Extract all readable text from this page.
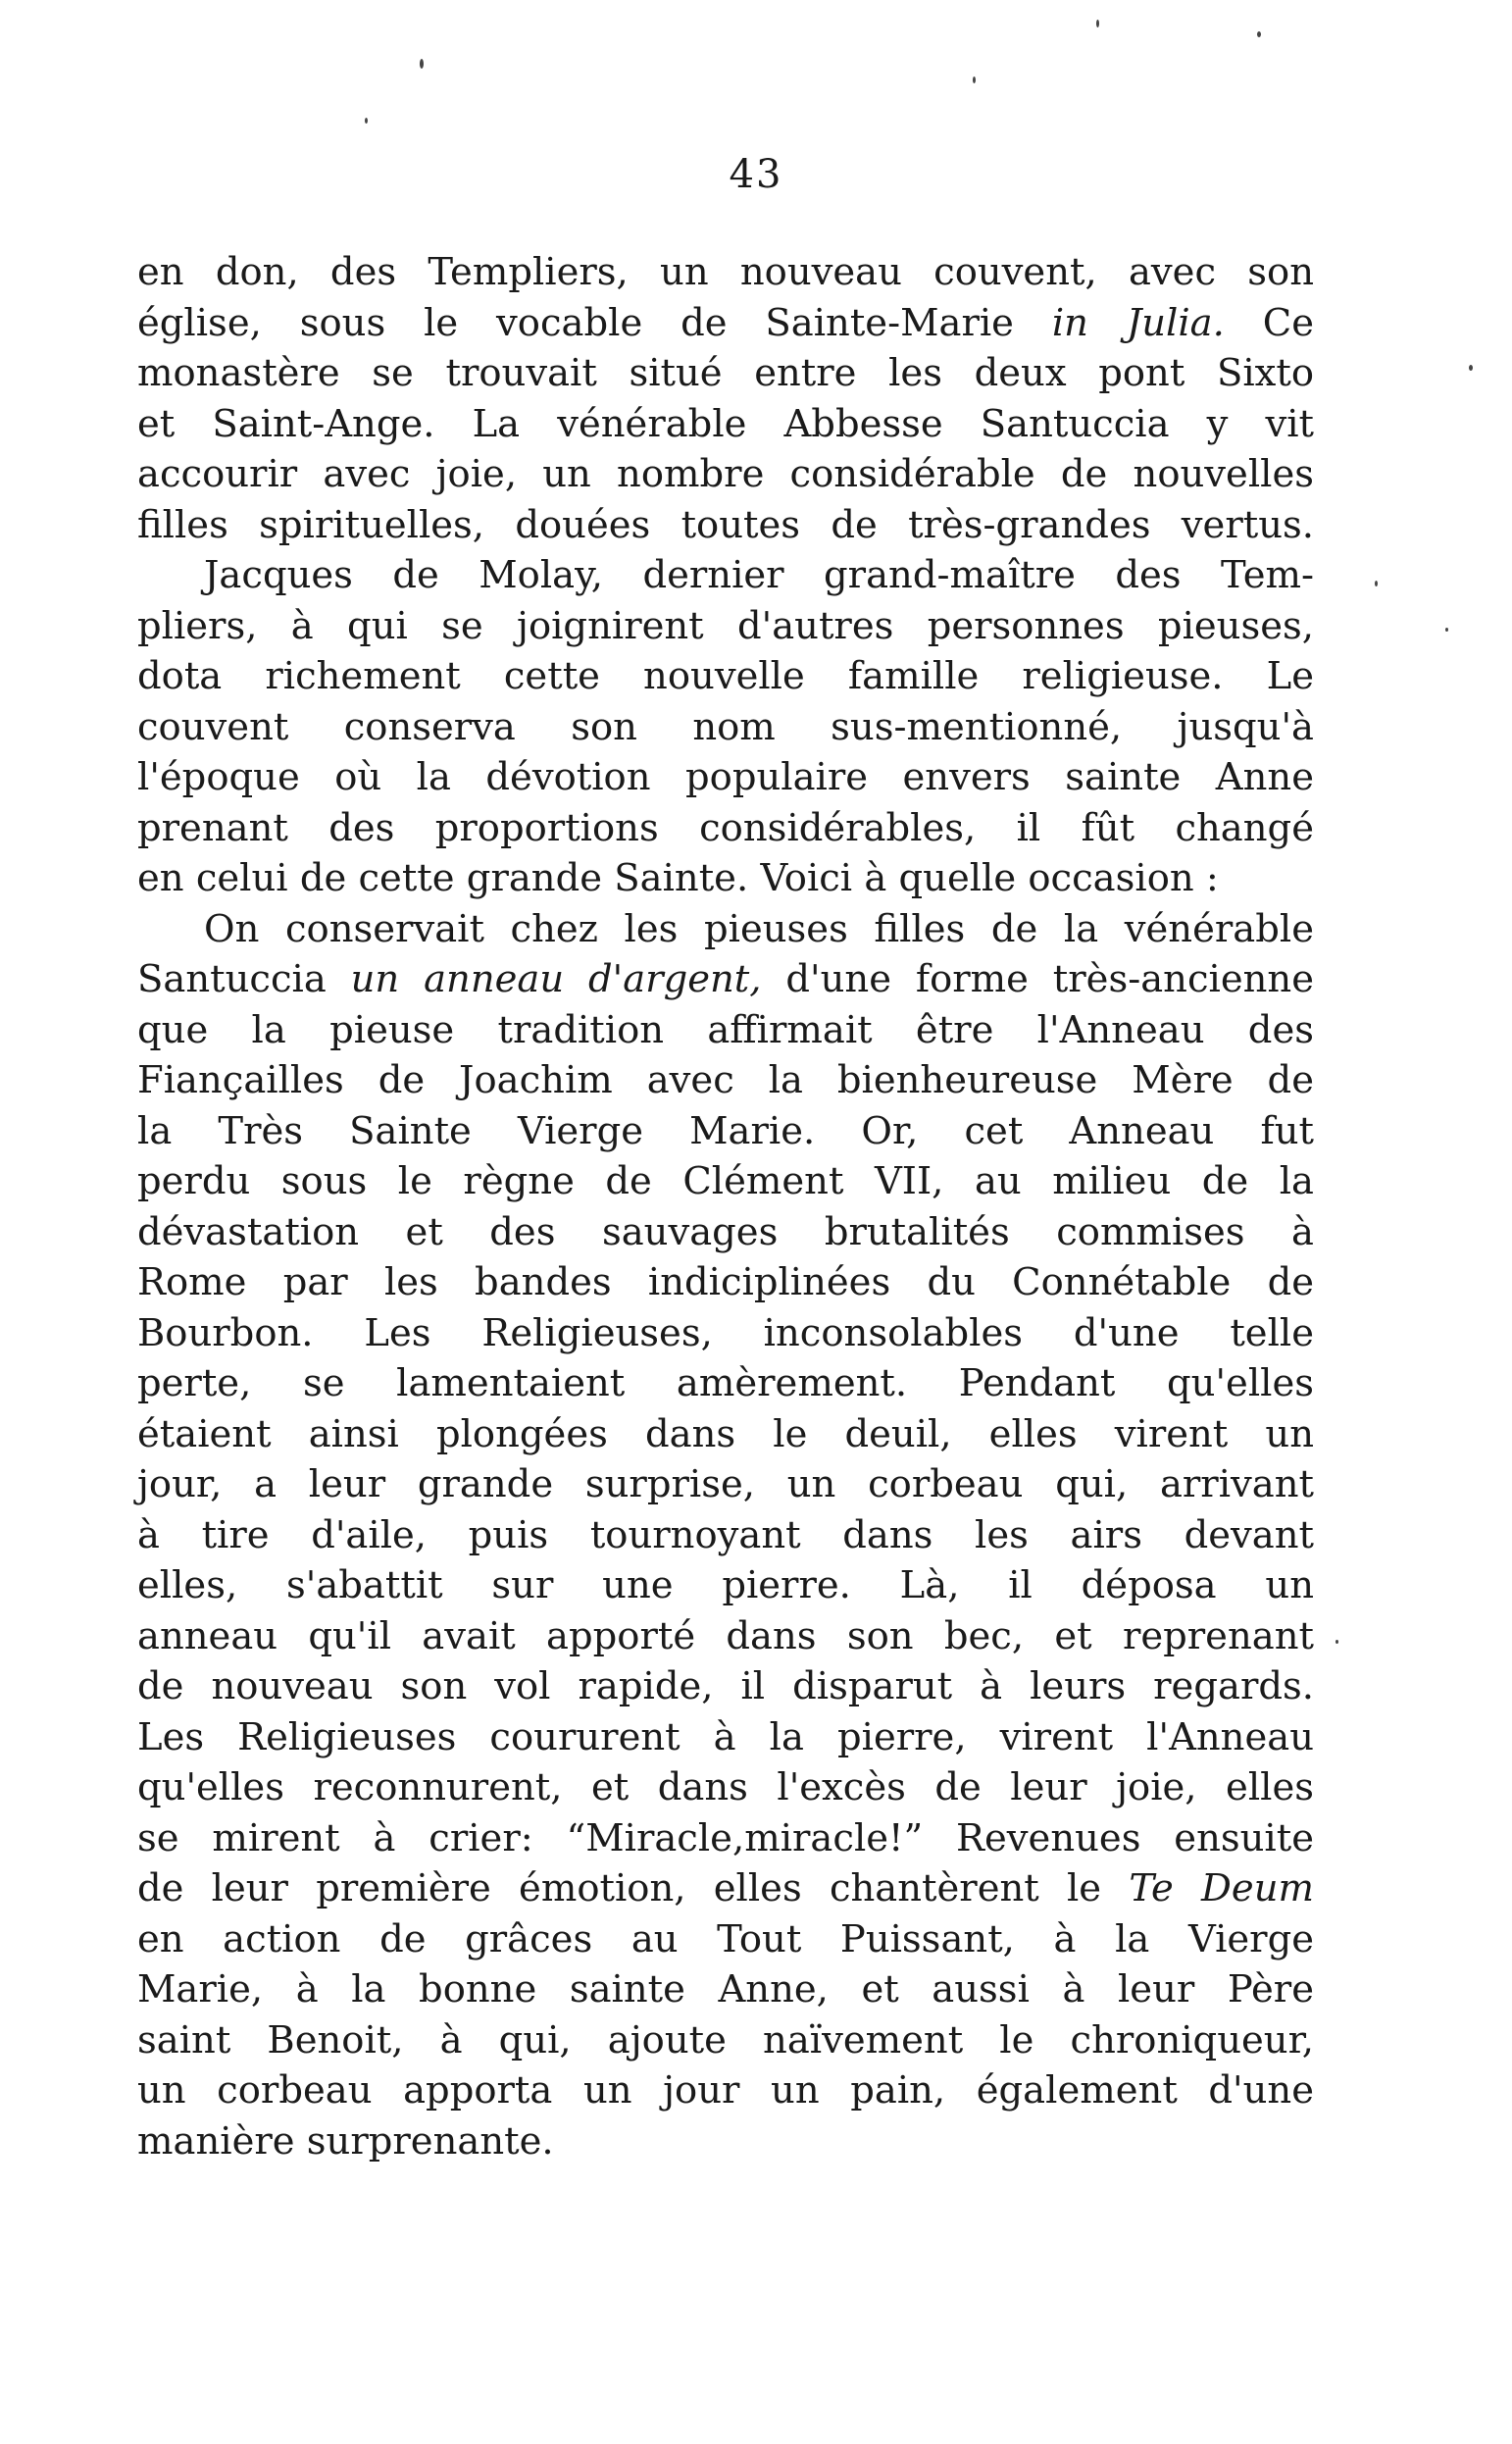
43
en don, des Templiers, un nouveau couvent, avec son
église, sous le vocable de Sainte-Marie in Julia. Ce
monastère se trouvait situé entre les deux pont Sixto
et Saint-Ange. La vénérable Abbesse Santuccia y vit
accourir avec joie, un nombre considérable de nouvelles
filles spirituelles, douées toutes de très-grandes vertus.
Jacques de Molay, dernier grand-maître des Tem-
pliers, à qui se joignirent d'autres personnes pieuses,
dota richement cette nouvelle famille religieuse. Le
couvent conserva son nom sus-mentionné, jusqu'à
l'époque où la dévotion populaire envers sainte Anne
prenant des proportions considérables, il fût changé
en celui de cette grande Sainte. Voici à quelle occasion :
On conservait chez les pieuses filles de la vénérable
Santuccia un anneau d'argent, d'une forme très-ancienne
que la pieuse tradition affirmait être l'Anneau des
Fiançailles de Joachim avec la bienheureuse Mère de
la Très Sainte Vierge Marie. Or, cet Anneau fut
perdu sous le règne de Clément VII, au milieu de la
dévastation et des sauvages brutalités commises à
Rome par les bandes indiciplinées du Connétable de
Bourbon. Les Religieuses, inconsolables d'une telle
perte, se lamentaient amèrement. Pendant qu'elles
étaient ainsi plongées dans le deuil, elles virent un
jour, a leur grande surprise, un corbeau qui, arrivant
à tire d'aile, puis tournoyant dans les airs devant
elles, s'abattit sur une pierre. Là, il déposa un
anneau qu'il avait apporté dans son bec, et reprenant
de nouveau son vol rapide, il disparut à leurs regards.
Les Religieuses coururent à la pierre, virent l'Anneau
qu'elles reconnurent, et dans l'excès de leur joie, elles
se mirent à crier: “Miracle,miracle!” Revenues ensuite
de leur première émotion, elles chantèrent le Te Deum
en action de grâces au Tout Puissant, à la Vierge
Marie, à la bonne sainte Anne, et aussi à leur Père
saint Benoit, à qui, ajoute naïvement le chroniqueur,
un corbeau apporta un jour un pain, également d'une
manière surprenante.
